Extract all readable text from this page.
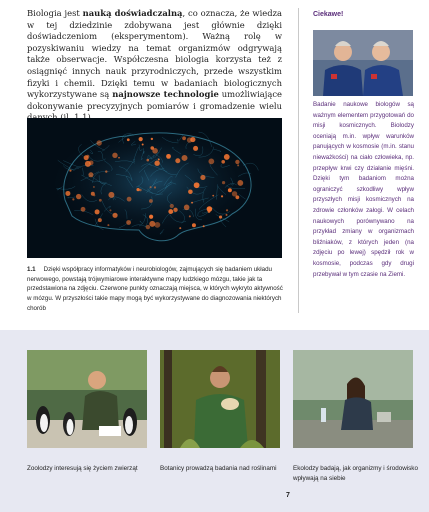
Biologia jest nauką doświadczalną, co oznacza, że wiedza w tej dziedzinie zdobywana jest głównie dzięki doświadczeniom (eksperymentom). Ważną rolę w pozyskiwaniu wiedzy na temat organizmów odgrywają także obserwacje. Współczesna biologia korzysta też z osiągnięć innych nauk przyrodniczych, przede wszystkim fizyki i chemii. Dzięki temu w badaniach biologicznych wykorzystywane są najnowsze technologie umożliwiające dokonywanie precyzyjnych pomiarów i gromadzenie wielu

1.1 Dzięki współpracy informatyków i neurobiologów, zajmujących się badaniem układu nerwowego, powstają trójwymiarowe interaktywne mapy ludzkiego mózgu, takie jak ta przedstawiona na zdjęciu. Czerwone punkty oznaczają miejsca, w których wykryto aktywność w mózgu. W przyszłości takie mapy mogą być wykorzystywane do diagnozowania niektórych chorób

Ciekawe!

Badanie naukowe biologów są ważnym elementem przygotowań do misji kosmicznych. Biolodzy oceniają m.in. wpływ warunków panujących w kosmosie (m.in. stanu nieważkości) na ciało człowieka, np. przepływ krwi czy działanie mięśni. Dzięki tym badaniom można ograniczyć szkodliwy wpływ przyszłych misji kosmicznych na zdrowie członków załogi. W celach naukowych porównywano na przykład zmiany w organizmach bliźniaków, z których jeden (na zdjęciu po lewej) spędził rok w kosmosie, podczas gdy drugi przebywał w tym czasie na Ziemi.

Zoolodzy interesują się życiem zwierząt	Botanicy prowadzą badania nad roślinami	Ekolodzy badają, jak organizmy i środowisko wpływają na siebie

7
